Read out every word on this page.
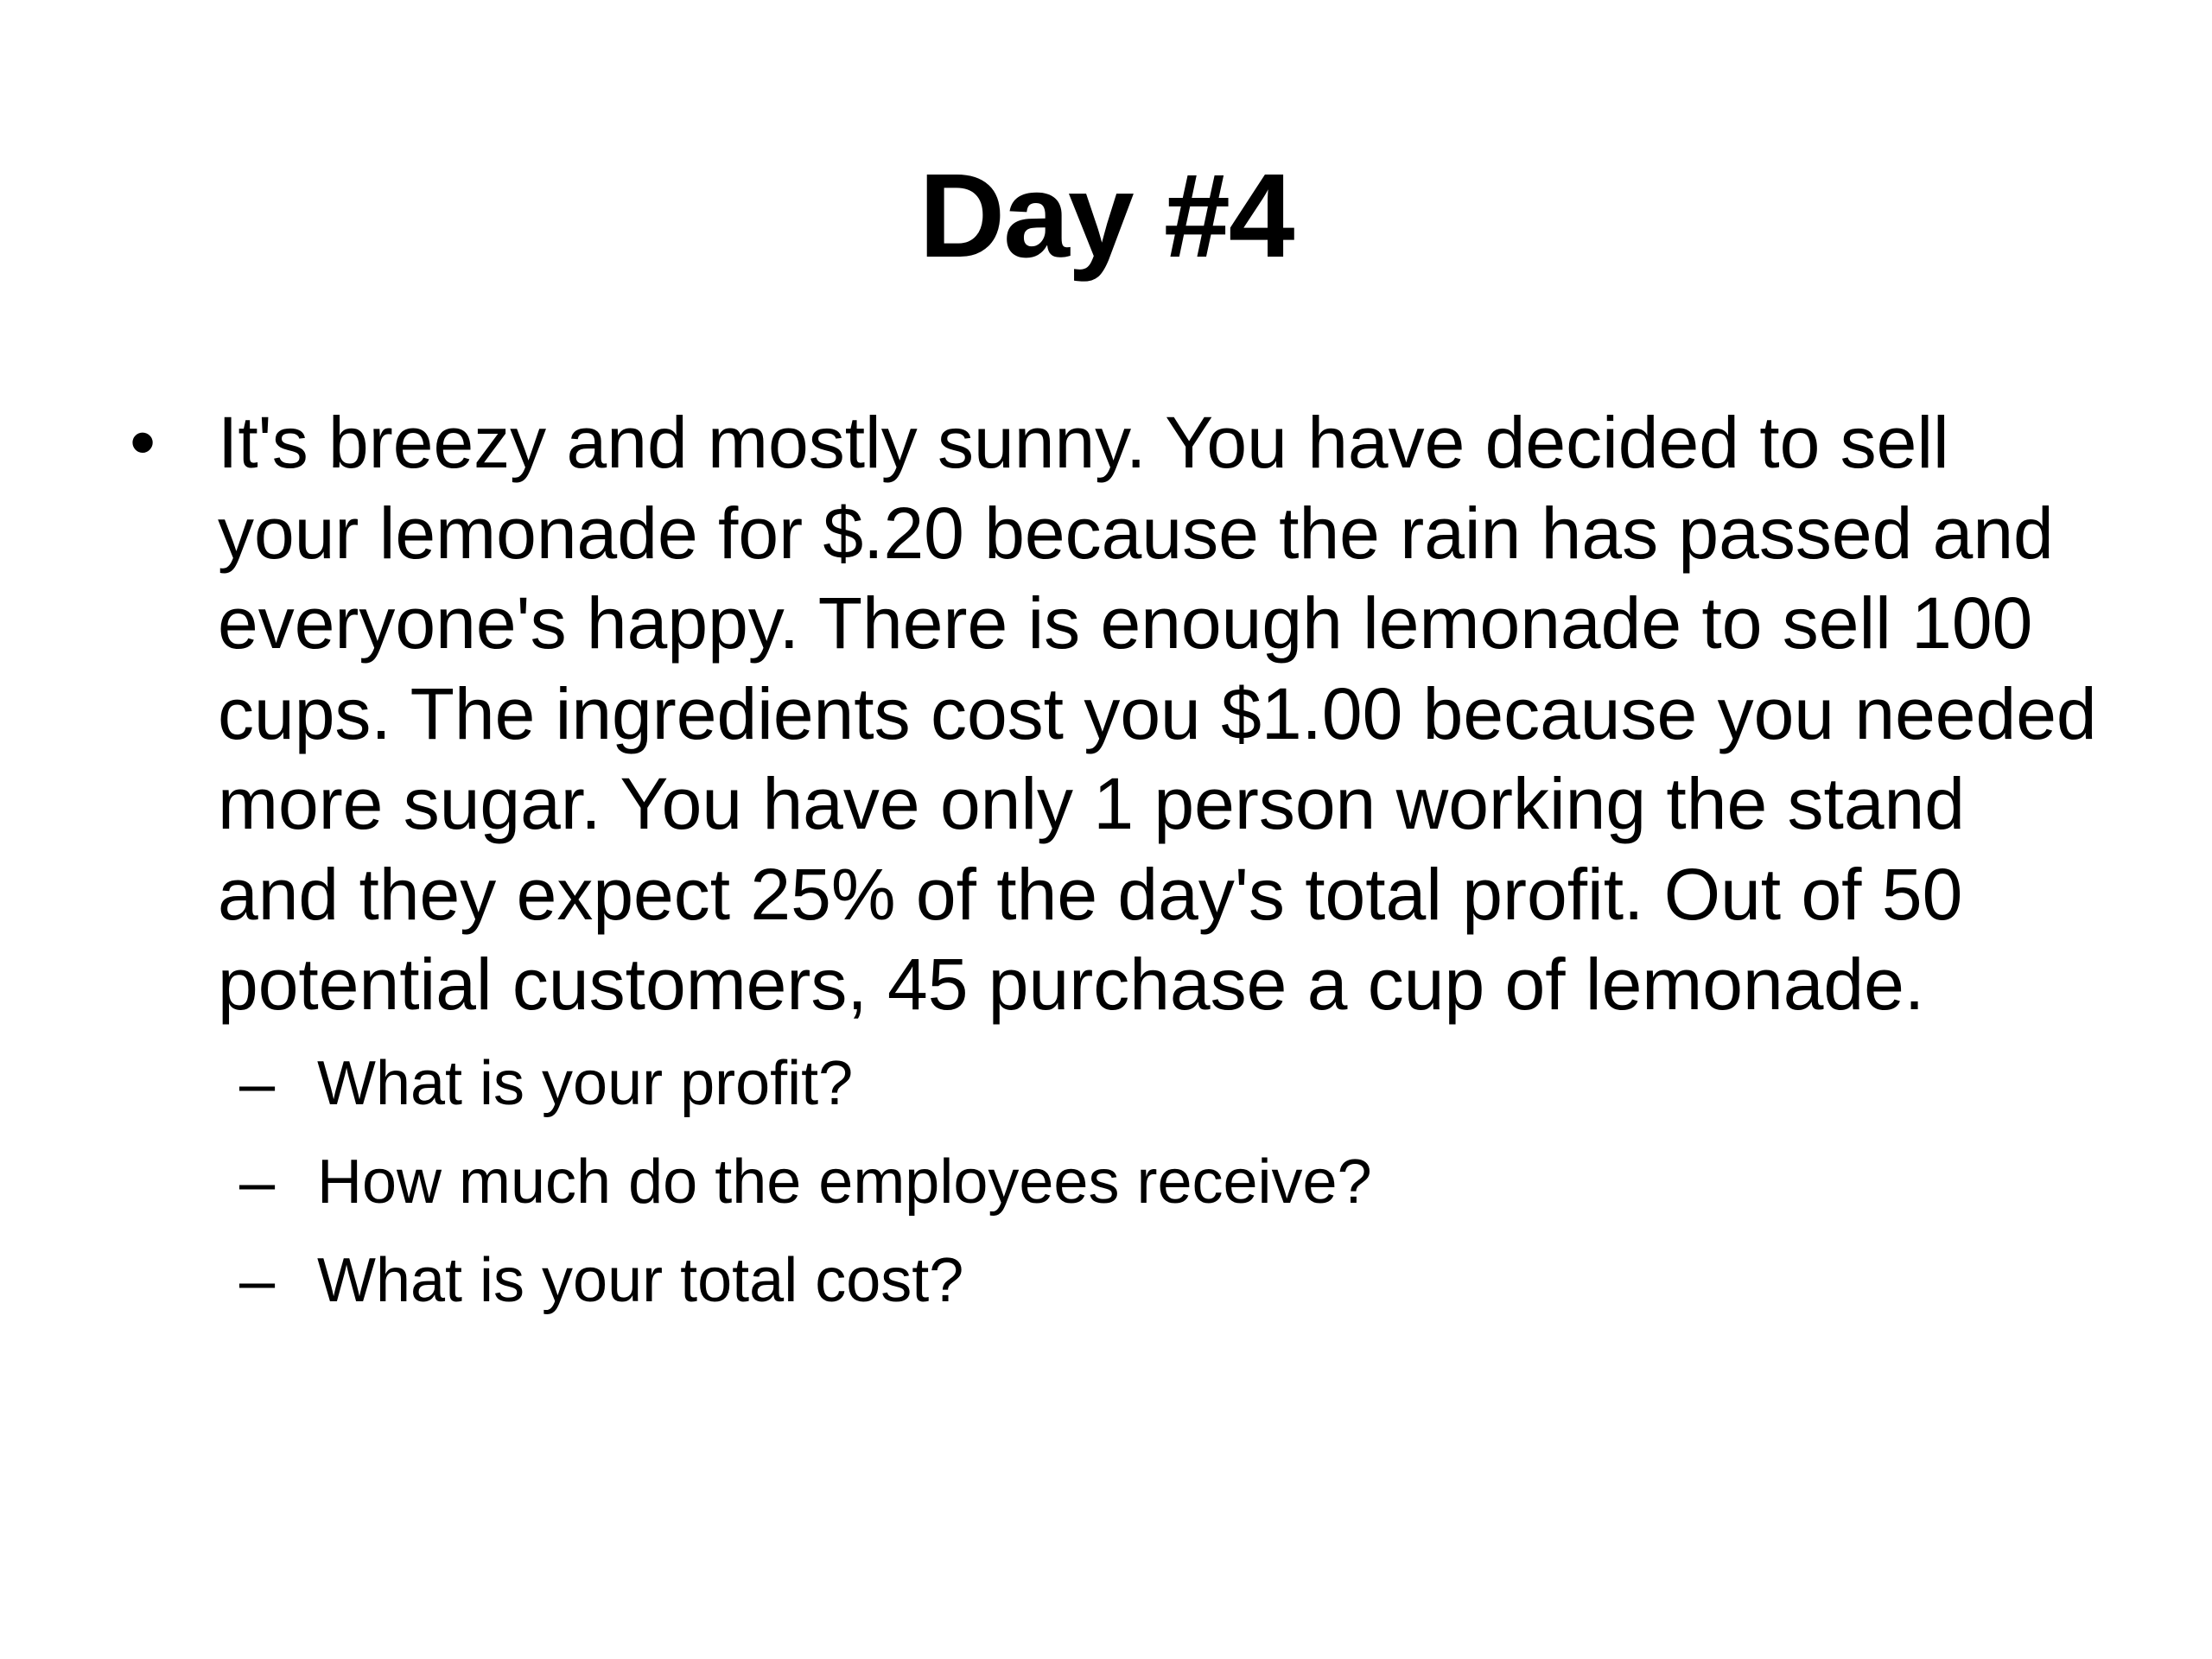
Day #4
• It's breezy and mostly sunny. You have decided to sell your lemonade for $.20 because the rain has passed and everyone's happy. There is enough lemonade to sell 100 cups. The ingredients cost you $1.00 because you needed more sugar. You have only 1 person working the stand and they expect 25% of the day's total profit. Out of 50 potential customers, 45 purchase a cup of lemonade.

– What is your profit?
– How much do the employees receive?
– What is your total cost?
